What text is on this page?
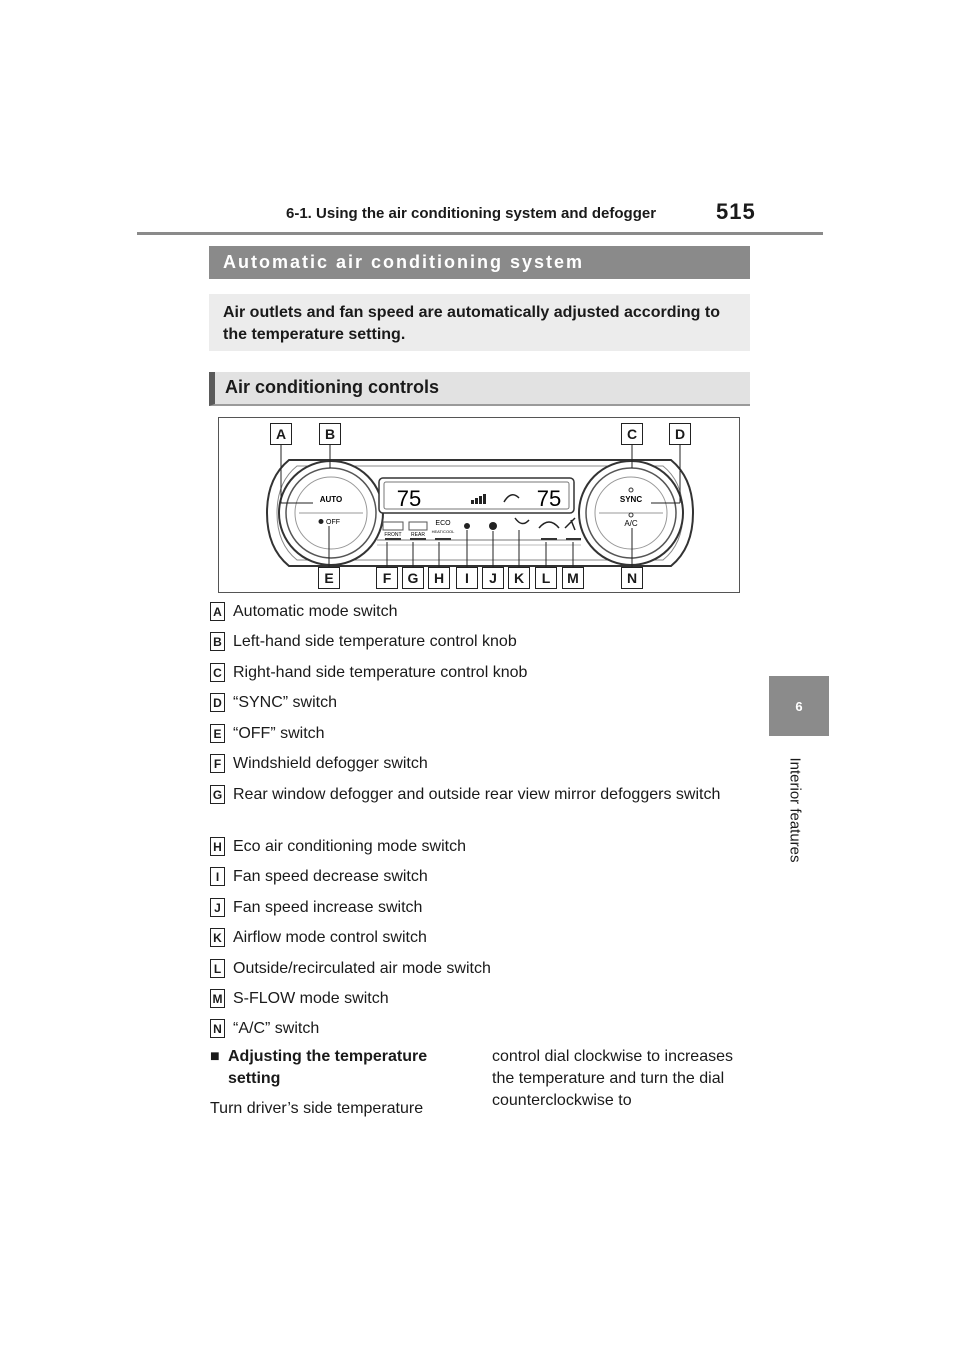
6-1. Using the air conditioning system and defogger	515
6
Interior features
Automatic air conditioning system
Air outlets and fan speed are automatically adjusted according to the temperature setting.
Air conditioning controls
AUTO
OFF
SYNC
A/C
75	75
FRONT REAR
ECO
HEAT/COOL
A	B	C	D
E	F	G	H	I	J	K	L	M	N
A Automatic mode switch
B Left-hand side temperature control knob
C Right-hand side temperature control knob
D “SYNC” switch
E “OFF” switch
F Windshield defogger switch
G Rear window defogger and outside rear view mirror defoggers switch
H Eco air conditioning mode switch
I Fan speed decrease switch
J Fan speed increase switch
K Airflow mode control switch
L Outside/recirculated air mode switch
M S-FLOW mode switch
N “A/C” switch
■ Adjusting the temperature setting
Turn driver’s side temperature
control dial clockwise to increases the temperature and turn the dial counterclockwise to
